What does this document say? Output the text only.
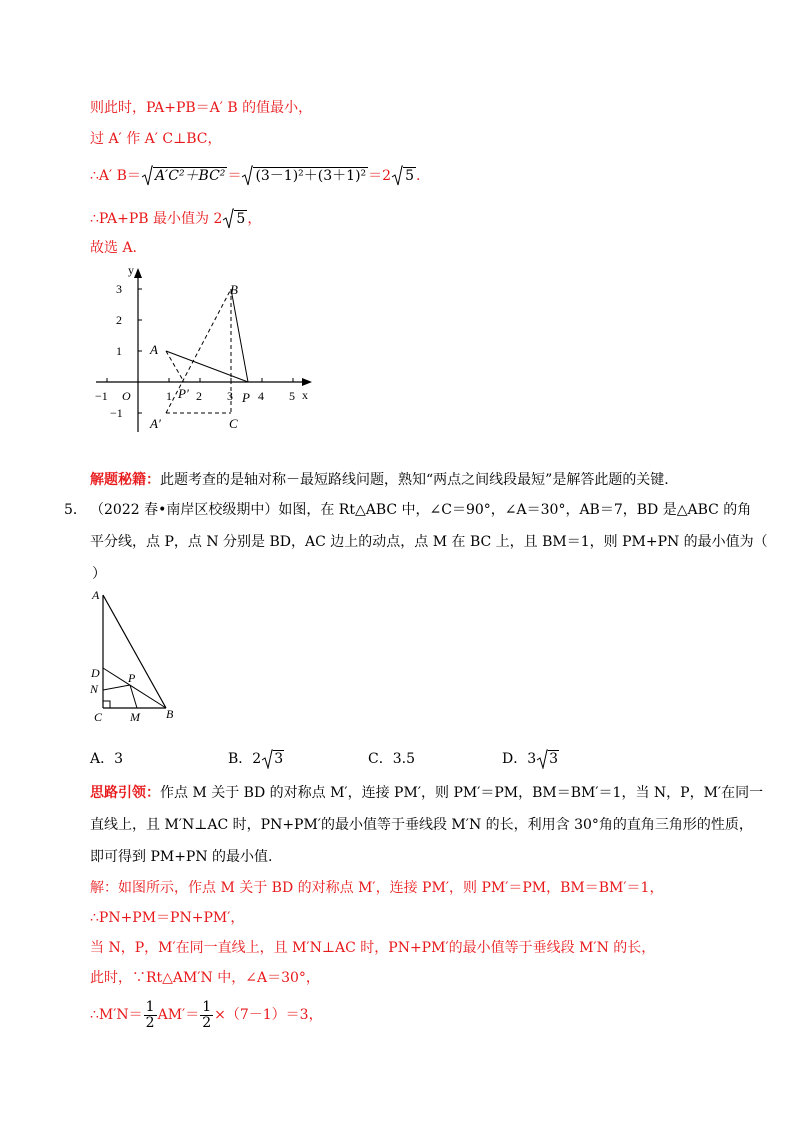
则此时，PA+PB＝A′ B 的值最小，
过 A′ 作 A′ C⊥BC，
∴A′ B＝ A′C²＋BC² ＝ (3－1)²＋(3＋1)² ＝2 5 .
∴PA+PB 最小值为 2 5 ，
故选 A.
x
y
O
−1	1 2 3 4 5
3
2
1
−1
A
B
P
P′
A′	C
解题秘籍：此题考查的是轴对称－最短路线问题，熟知“两点之间线段最短”是解答此题的关键.
5． （2022 春•南岸区校级期中）如图，在 Rt△ABC 中，∠C＝90°，∠A＝30°，AB＝7，BD 是△ABC 的角
平分线，点 P，点 N 分别是 BD，AC 边上的动点，点 M 在 BC 上，且 BM＝1，则 PM+PN 的最小值为（
）
A
D
N
P
C M B
A．3	B．2 3	C．3.5	D．3 3
思路引领：作点 M 关于 BD 的对称点 M′，连接 PM′，则 PM′＝PM，BM＝BM′＝1，当 N，P，M′在同一
直线上，且 M′N⊥AC 时，PN+PM′的最小值等于垂线段 M′N 的长，利用含 30°角的直角三角形的性质，
即可得到 PM+PN 的最小值.
解：如图所示，作点 M 关于 BD 的对称点 M′，连接 PM′，则 PM′＝PM，BM＝BM′＝1，
∴PN+PM＝PN+PM′，
当 N，P，M′在同一直线上，且 M′N⊥AC 时，PN+PM′的最小值等于垂线段 M′N 的长，
此时，∵Rt△AM′N 中，∠A＝30°，
∴M′N＝ $\frac{1}{2} AM'= \frac{1}{2} \times(7-1)=3$，
